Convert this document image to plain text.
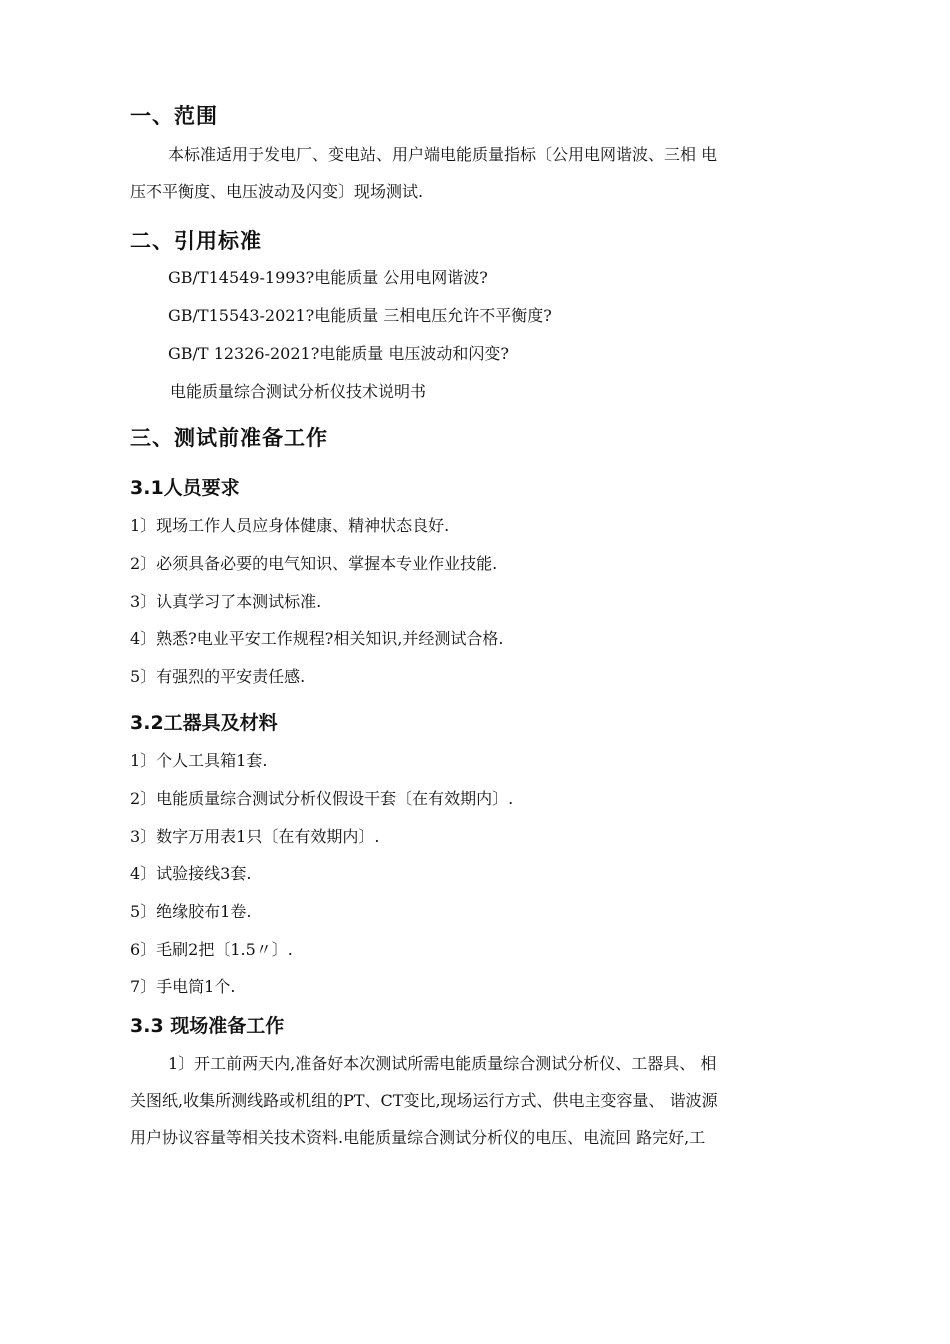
一、范围
本标准适用于发电厂、变电站、用户端电能质量指标〔公用电网谐波、三相 电
压不平衡度、电压波动及闪变〕现场测试.
二、引用标准
GB/T14549-1993?电能质量 公用电网谐波?
GB/T15543-2021?电能质量 三相电压允许不平衡度?
GB/T 12326-2021?电能质量 电压波动和闪变?
电能质量综合测试分析仪技术说明书
三、测试前准备工作
3.1人员要求
1〕现场工作人员应身体健康、精神状态良好.
2〕必须具备必要的电气知识、掌握本专业作业技能.
3〕认真学习了本测试标准.
4〕熟悉?电业平安工作规程?相关知识,并经测试合格.
5〕有强烈的平安责任感.
3.2工器具及材料
1〕个人工具箱1套.
2〕电能质量综合测试分析仪假设干套〔在有效期内〕.
3〕数字万用表1只〔在有效期内〕.
4〕试验接线3套.
5〕绝缘胶布1卷.
6〕毛刷2把〔1.5〃〕.
7〕手电筒1个.
3.3 现场准备工作
1〕开工前两天内,准备好本次测试所需电能质量综合测试分析仪、工器具、 相
关图纸,收集所测线路或机组的PT、CT变比,现场运行方式、供电主变容量、 谐波源
用户协议容量等相关技术资料.电能质量综合测试分析仪的电压、电流回 路完好,工
